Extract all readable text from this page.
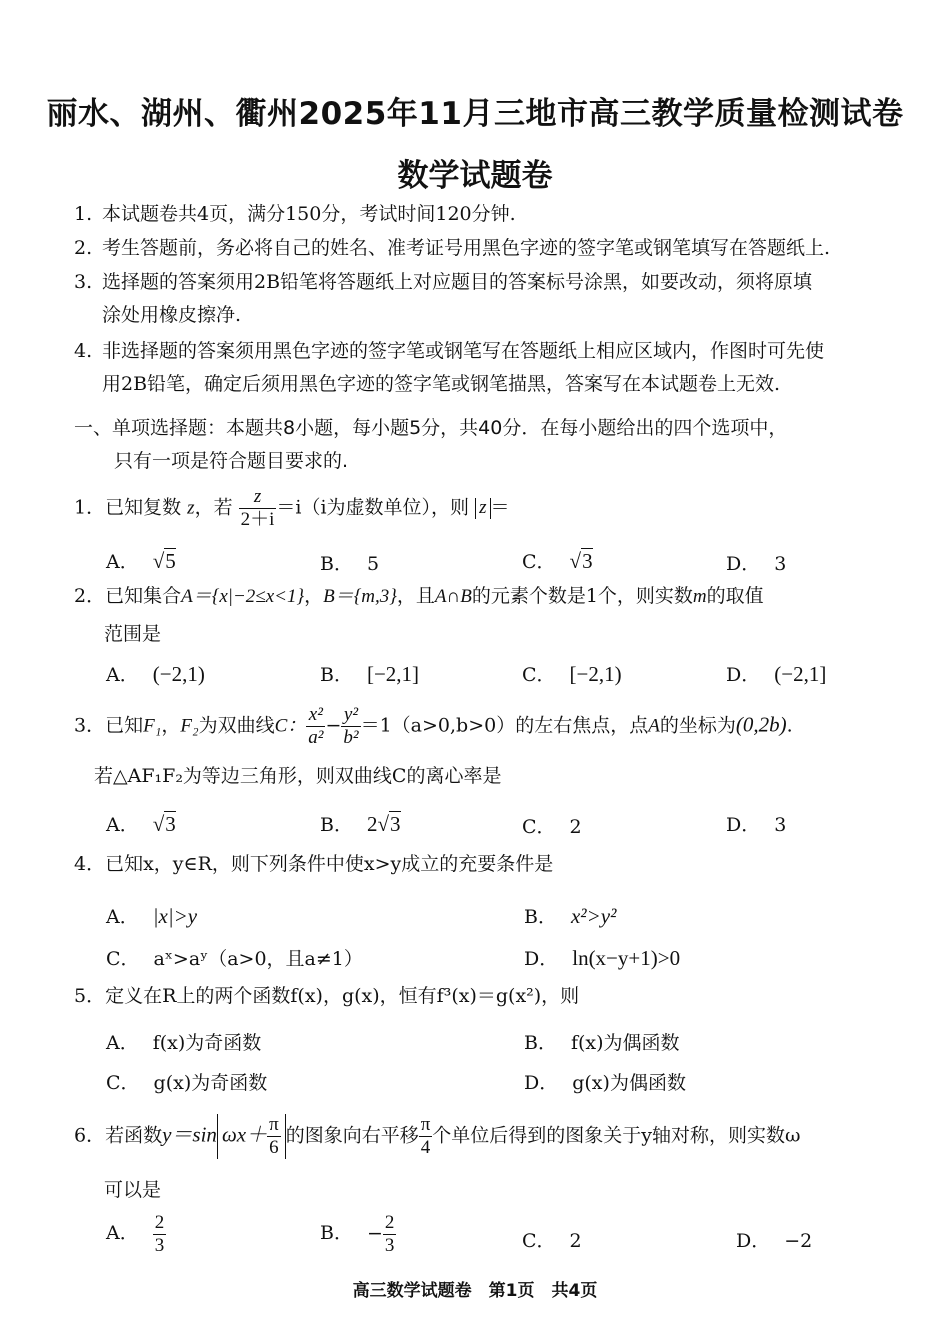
丽水、湖州、衢州2025年11月三地市高三教学质量检测试卷
数学试题卷
1. 本试题卷共4页，满分150分，考试时间120分钟.
2. 考生答题前，务必将自己的姓名、准考证号用黑色字迹的签字笔或钢笔填写在答题纸上.
3. 选择题的答案须用2B铅笔将答题纸上对应题目的答案标号涂黑，如要改动，须将原填
涂处用橡皮擦净.
4. 非选择题的答案须用黑色字迹的签字笔或钢笔写在答题纸上相应区域内，作图时可先使
用2B铅笔，确定后须用黑色字迹的签字笔或钢笔描黑，答案写在本试题卷上无效.
一、单项选择题：本题共8小题，每小题5分，共40分．在每小题给出的四个选项中，
只有一项是符合题目要求的.
1．已知复数 z，若 $\frac{z}{2+i} =i(i$为虚数单位），则 z ＝
A． √5	B． 5	C． √3	D． 3
2．已知集合A＝{x|−2≤x<1}，B＝{m,3}，且A∩B的元素个数是1个，则实数m的取值
范围是
A． (−2,1)	B． [−2,1]	C． [−2,1)	D． (−2,1]
3．已知F₁，F₂为双曲线C： $\frac{\text{x²}}{\text{a²}} - \frac{\text{y²}}{\text{b²}} =1(a>0,b>0)$的左右焦点，点A的坐标为(0,2b).
若△AF₁F₂为等边三角形，则双曲线C的离心率是
A． √3	B． 2√3	C． 2	D． 3
4．已知x，y∈R，则下列条件中使x>y成立的充要条件是
A． |x|>y	B． x²>y²
C． aˣ>aʸ（a>0，且a≠1）	D． ln(x−y+1)>0
5．定义在R上的两个函数f(x)，g(x)，恒有f³(x)＝g(x²)，则
A． f(x)为奇函数	B． f(x)为偶函数
C． g(x)为奇函数	D． g(x)为偶函数
6．若函数y＝sin $\omega x+ \frac{\pi}{6}$ 的图象向右平移 $\frac{\pi}{4}$ 个单位后得到的图象关于y轴对称，则实数ω
可以是
A． $\frac{2}{3}$	B． − $\frac{2}{3}$	C． 2	D． −2
高三数学试题卷　第1页　共4页
